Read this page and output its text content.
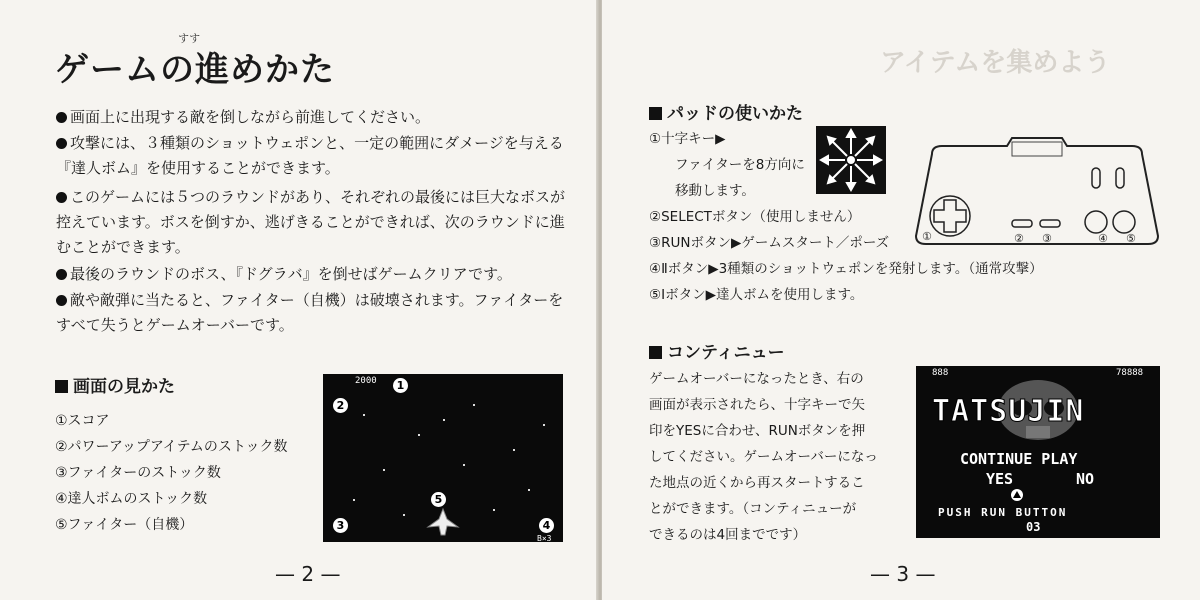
すす
ゲームの進めかた
画面上に出現する敵を倒しながら前進してください。
攻撃には、３種類のショットウェポンと、一定の範囲にダメージを与える『達人ボム』を使用することができます。
このゲームには５つのラウンドがあり、それぞれの最後には巨大なボスが控えています。ボスを倒すか、逃げきることができれば、次のラウンドに進むことができます。
最後のラウンドのボス、『ドグラバ』を倒せばゲームクリアです。
敵や敵弾に当たると、ファイター（自機）は破壊されます。ファイターをすべて失うとゲームオーバーです。
画面の見かた
①スコア
②パワーアップアイテムのストック数
③ファイターのストック数
④達人ボムのストック数
⑤ファイター（自機）
2000	1
2
3	4
5
B×3
— 2 —
アイテムを集めよう
パッドの使いかた
①十字キー▶
ファイターを8方向に
移動します。
②SELECTボタン（使用しません）
③RUNボタン▶ゲームスタート／ポーズ
④Ⅱボタン▶3種類のショットウェポンを発射します。（通常攻撃）
⑤Ⅰボタン▶達人ボムを使用します。
①	② ③	④ ⑤
コンティニュー
ゲームオーバーになったとき、右の
画面が表示されたら、十字キーで矢
印をYESに合わせ、RUNボタンを押
してください。ゲームオーバーになっ
た地点の近くから再スタートするこ
とができます。（コンティニューが
できるのは4回までです）
888	78888
TATSUJIN
CONTINUE PLAY
YES	NO
PUSH RUN BUTTON
03
— 3 —
